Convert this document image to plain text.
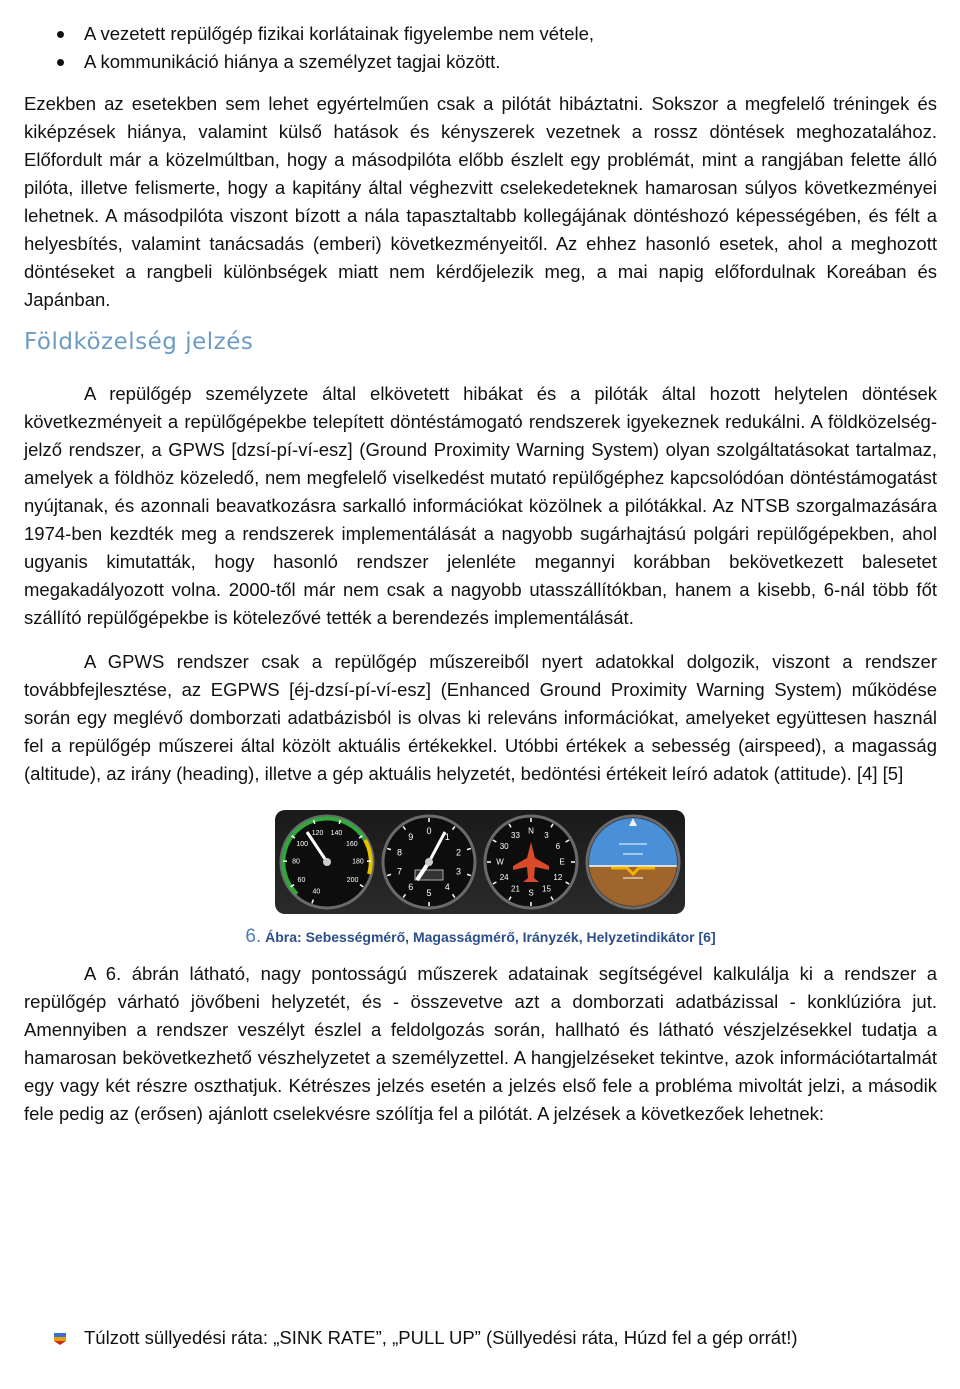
A vezetett repülőgép fizikai korlátainak figyelembe nem vétele,
A kommunikáció hiánya a személyzet tagjai között.

Ezekben az esetekben sem lehet egyértelműen csak a pilótát hibáztatni. Sokszor a megfelelő tréningek és kiképzések hiánya, valamint külső hatások és kényszerek vezetnek a rossz döntések meghozatalához. Előfordult már a közelmúltban, hogy a másodpilóta előbb észlelt egy problémát, mint a rangjában felette álló pilóta, illetve felismerte, hogy a kapitány által véghezvitt cselekedeteknek hamarosan súlyos következményei lehetnek. A másodpilóta viszont bízott a nála tapasztaltabb kollegájának döntéshozó képességében, és félt a helyesbítés, valamint tanácsadás (emberi) következményeitől. Az ehhez hasonló esetek, ahol a meghozott döntéseket a rangbeli különbségek miatt nem kérdőjelezik meg, a mai napig előfordulnak Koreában és Japánban.

Földközelség jelzés

A repülőgép személyzete által elkövetett hibákat és a pilóták által hozott helytelen döntések következményeit a repülőgépekbe telepített döntéstámogató rendszerek igyekeznek redukálni. A földközelség-jelző rendszer, a GPWS [dzsí-pí-ví-esz] (Ground Proximity Warning System) olyan szolgáltatásokat tartalmaz, amelyek a földhöz közeledő, nem megfelelő viselkedést mutató repülőgéphez kapcsolódóan döntéstámogatást nyújtanak, és azonnali beavatkozásra sarkalló információkat közölnek a pilótákkal. Az NTSB szorgalmazására 1974-ben kezdték meg a rendszerek implementálását a nagyobb sugárhajtású polgári repülőgépekben, ahol ugyanis kimutatták, hogy hasonló rendszer jelenléte megannyi korábban bekövetkezett balesetet megakadályozott volna. 2000-től már nem csak a nagyobb utasszállítókban, hanem a kisebb, 6-nál több főt szállító repülőgépekbe is kötelezővé tették a berendezés implementálását.

A GPWS rendszer csak a repülőgép műszereiből nyert adatokkal dolgozik, viszont a rendszer továbbfejlesztése, az EGPWS [éj-dzsí-pí-ví-esz] (Enhanced Ground Proximity Warning System) működése során egy meglévő domborzati adatbázisból is olvas ki releváns információkat, amelyeket együttesen használ fel a repülőgép műszerei által közölt aktuális értékekkel. Utóbbi értékek a sebesség (airspeed), a magasság (altitude), az irány (heading), illetve a gép aktuális helyzetét, bedöntési értékeit leíró adatok (attitude). [4] [5]

40
60
80
100
120 140
160
180
200
0
1
2
3
4
5
6
7
8
9
N 3
6
E
12
15
S
21
24
W
30
33
6. Ábra: Sebességmérő, Magasságmérő, Irányzék, Helyzetindikátor [6]

A 6. ábrán látható, nagy pontosságú műszerek adatainak segítségével kalkulálja ki a rendszer a repülőgép várható jövőbeni helyzetét, és - összevetve azt a domborzati adatbázissal - konklúzióra jut. Amennyiben a rendszer veszélyt észlel a feldolgozás során, hallható és látható vészjelzésekkel tudatja a hamarosan bekövetkezhető vészhelyzetet a személyzettel. A hangjelzéseket tekintve, azok információtartalmát egy vagy két részre oszthatjuk. Kétrészes jelzés esetén a jelzés első fele a probléma mivoltát jelzi, a második fele pedig az (erősen) ajánlott cselekvésre szólítja fel a pilótát. A jelzések a következőek lehetnek:

Túlzott süllyedési ráta: „SINK RATE”, „PULL UP” (Süllyedési ráta, Húzd fel a gép orrát!)
